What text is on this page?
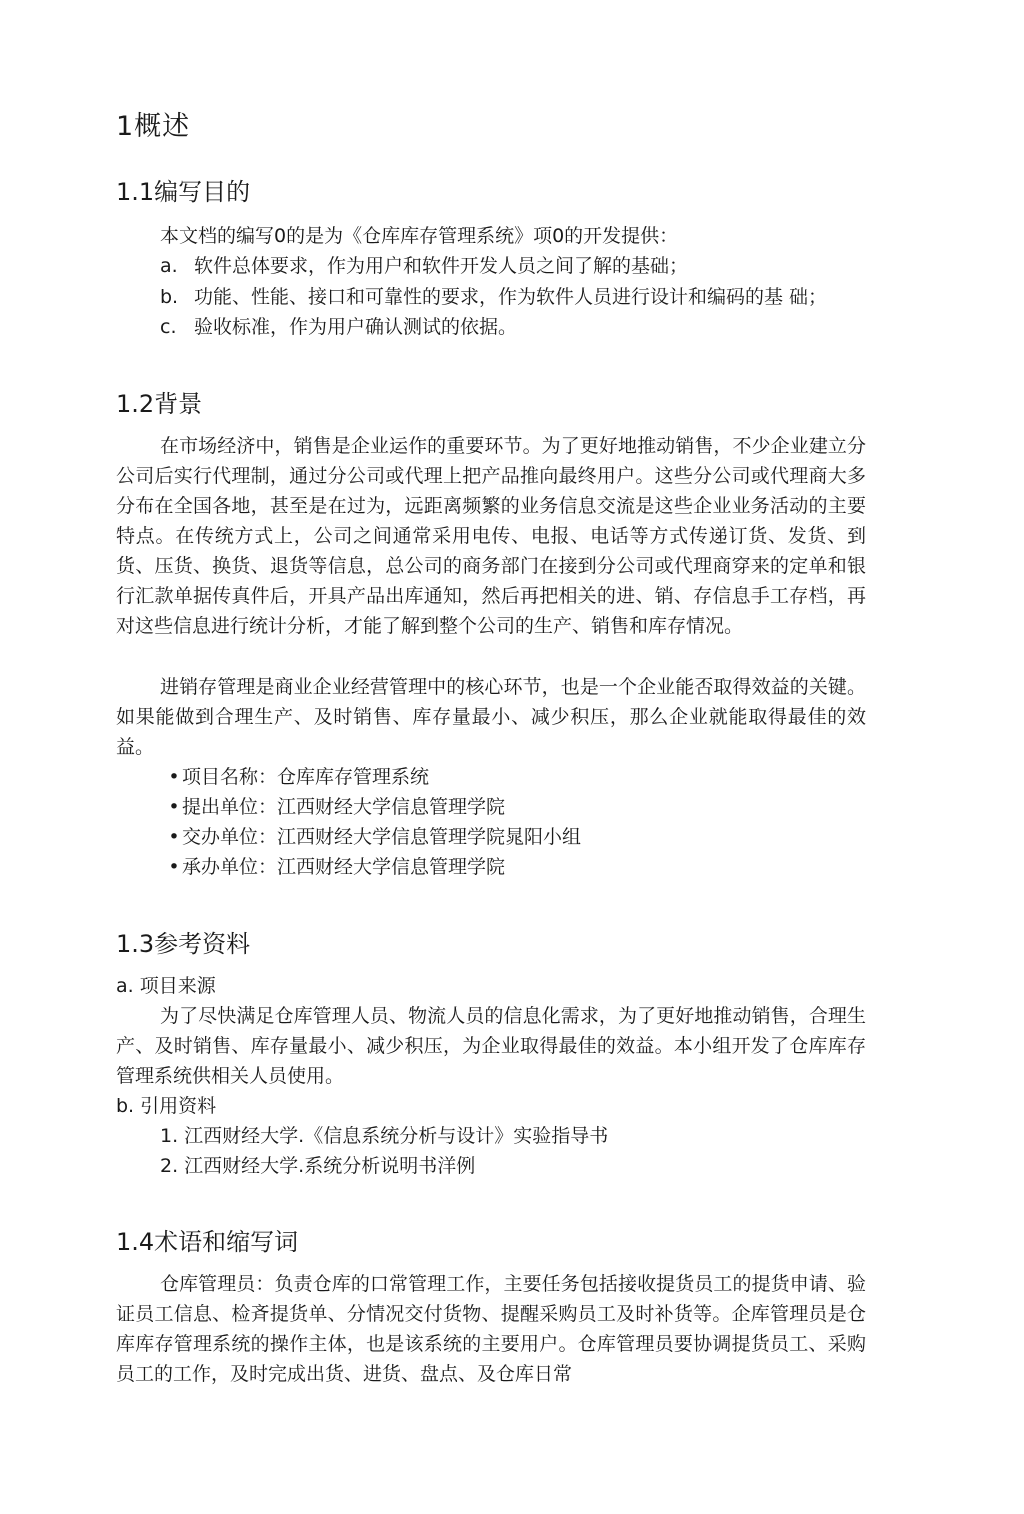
1概述
1.1编写目的

本文档的编写0的是为《仓库库存管理系统》项0的开发提供：

a. 软件总体要求，作为用户和软件开发人员之间了解的基础；

b. 功能、性能、接口和可靠性的要求，作为软件人员进行设计和编码的基 础；

c. 验收标准，作为用户确认测试的依据。

1.2背景

在市场经济中，销售是企业运作的重要环节。为了更好地推动销售，不少企业建立分公司后实行代理制，通过分公司或代理上把产品推向最终用户。这些分公司或代理商大多分布在全国各地，甚至是在过为，远距离频繁的业务信息交流是这些企业业务活动的主要特点。在传统方式上，公司之间通常采用电传、电报、电话等方式传递订货、发货、到货、压货、换货、退货等信息，总公司的商务部门在接到分公司或代理商穿来的定单和银行汇款单据传真件后，开具产品出库通知，然后再把相关的进、销、存信息手工存档，再对这些信息进行统计分析，才能了解到整个公司的生产、销售和库存情况。

进销存管理是商业企业经营管理中的核心环节，也是一个企业能否取得效益的关键。如果能做到合理生产、及时销售、库存量最小、减少积压，那么企业就能取得最佳的效益。

• 项目名称：仓库库存管理系统

• 提出单位：江西财经大学信息管理学院

• 交办单位：江西财经大学信息管理学院晁阳小组

• 承办单位：江西财经大学信息管理学院

1.3参考资料

a. 项目来源

为了尽快满足仓库管理人员、物流人员的信息化需求，为了更好地推动销售，合理生产、及时销售、库存量最小、减少积压，为企业取得最佳的效益。本小组开发了仓库库存管理系统供相关人员使用。

b. 引用资料

1. 江西财经大学.《信息系统分析与设计》实验指导书

2. 江西财经大学.系统分析说明书洋例

1.4术语和缩写词

仓库管理员：负责仓库的口常管理工作，主要任务包括接收提货员工的提货申请、验证员工信息、检斉提货单、分情况交付货物、提醒采购员工及时补货等。企库管理员是仓库库存管理系统的操作主体，也是该系统的主要用户。仓库管理员要协调提货员工、采购员工的工作，及时完成出货、进货、盘点、及仓库日常
